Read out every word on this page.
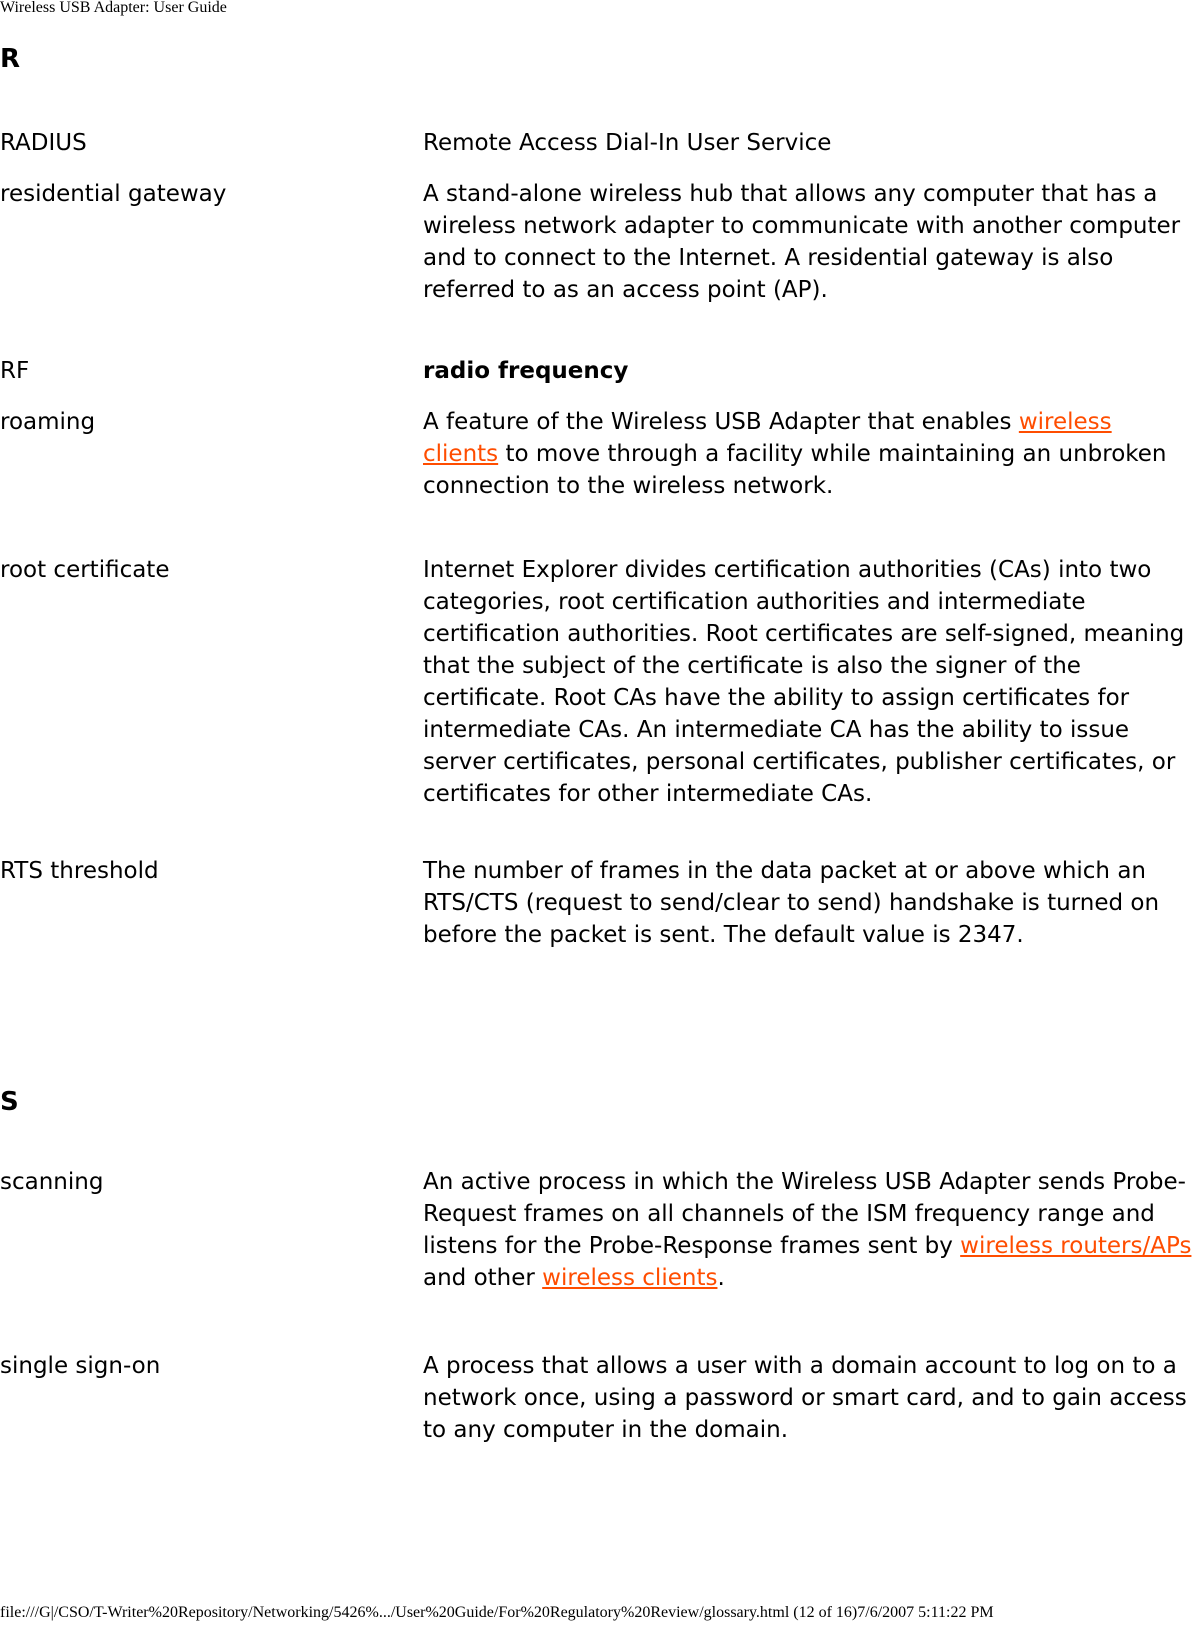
Wireless USB Adapter: User Guide
R
RADIUS	Remote Access Dial-In User Service
residential gateway	A stand-alone wireless hub that allows any computer that has a wireless network adapter to communicate with another computer and to connect to the Internet. A residential gateway is also referred to as an access point (AP).
RF	radio frequency
roaming	A feature of the Wireless USB Adapter that enables wireless clients to move through a facility while maintaining an unbroken connection to the wireless network.
root certificate	Internet Explorer divides certification authorities (CAs) into two categories, root certification authorities and intermediate certification authorities. Root certificates are self-signed, meaning that the subject of the certificate is also the signer of the certificate. Root CAs have the ability to assign certificates for intermediate CAs. An intermediate CA has the ability to issue server certificates, personal certificates, publisher certificates, or certificates for other intermediate CAs.
RTS threshold	The number of frames in the data packet at or above which an RTS/CTS (request to send/clear to send) handshake is turned on before the packet is sent. The default value is 2347.
S
scanning	An active process in which the Wireless USB Adapter sends Probe-Request frames on all channels of the ISM frequency range and listens for the Probe-Response frames sent by wireless routers/APs and other wireless clients.
single sign-on	A process that allows a user with a domain account to log on to a network once, using a password or smart card, and to gain access to any computer in the domain.
file:///G|/CSO/T-Writer%20Repository/Networking/5426%.../User%20Guide/For%20Regulatory%20Review/glossary.html (12 of 16)7/6/2007 5:11:22 PM
